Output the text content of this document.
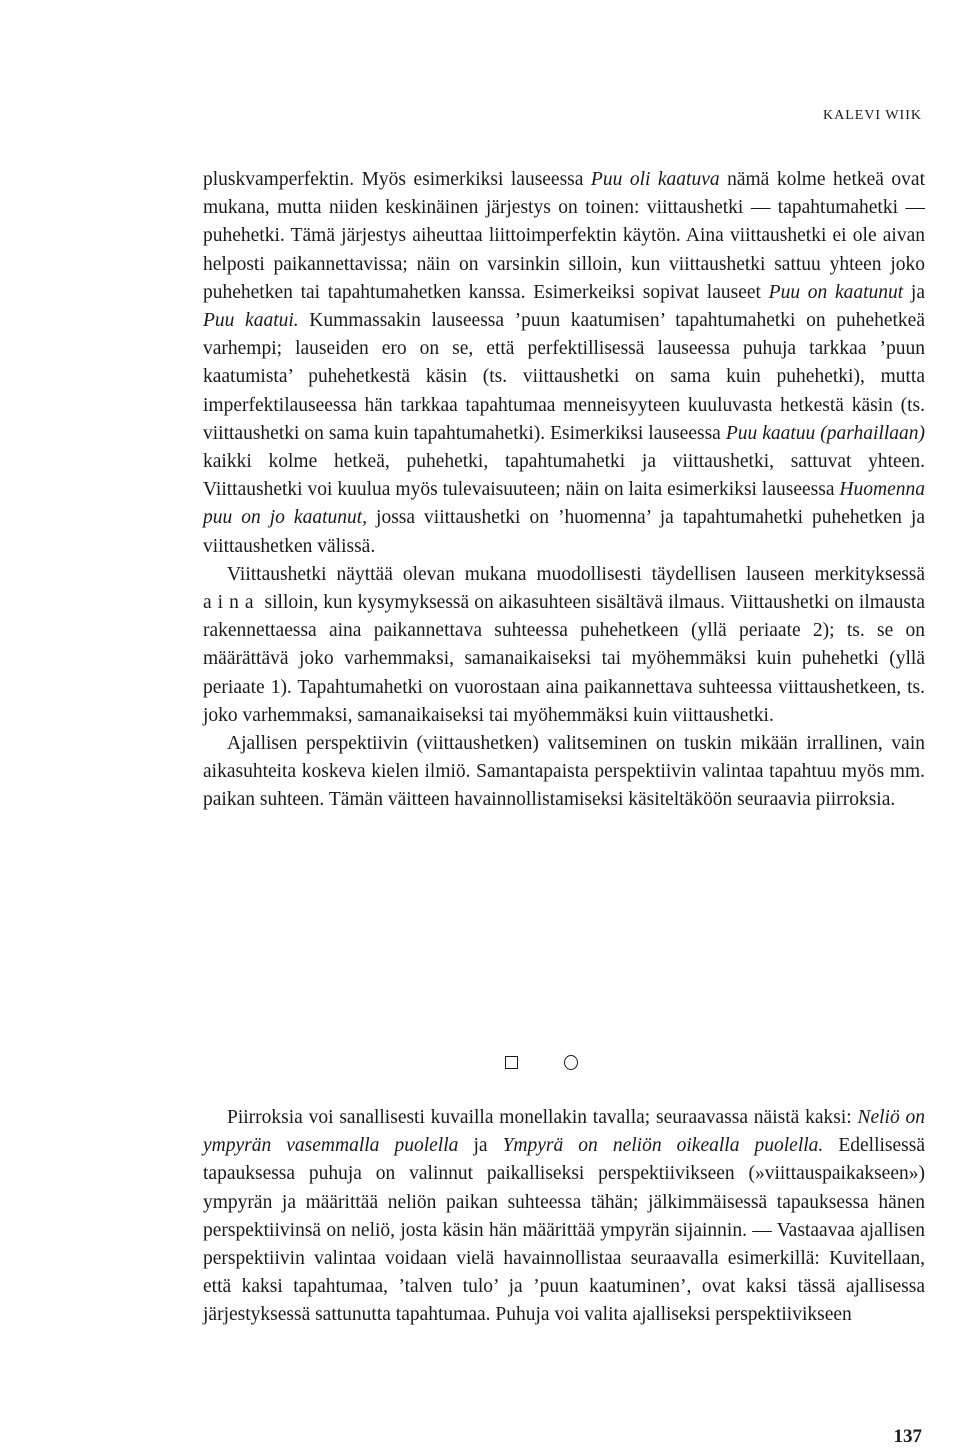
KALEVI WIIK

pluskvamperfektin. Myös esimerkiksi lauseessa Puu oli kaatuva nämä kolme hetkeä ovat mukana, mutta niiden keskinäinen järjestys on toinen: viittaushetki — tapahtumahetki — puhehetki. Tämä järjestys aiheuttaa liittoimperfektin käytön. Aina viittaushetki ei ole aivan helposti paikannettavissa; näin on varsinkin silloin, kun viittaushetki sattuu yhteen joko puhehetken tai tapahtumahetken kanssa. Esimerkeiksi sopivat lauseet Puu on kaatunut ja Puu kaatui. Kummassakin lauseessa ’puun kaatumisen’ tapahtumahetki on puhehetkeä varhempi; lauseiden ero on se, että perfektillisessä lauseessa puhuja tarkkaa ’puun kaatumista’ puhehetkestä käsin (ts. viittaushetki on sama kuin puhehetki), mutta imperfektilauseessa hän tarkkaa tapahtumaa menneisyyteen kuuluvasta hetkestä käsin (ts. viittaushetki on sama kuin tapahtumahetki). Esimerkiksi lauseessa Puu kaatuu (parhaillaan) kaikki kolme hetkeä, puhehetki, tapahtumahetki ja viittaushetki, sattuvat yhteen. Viittaushetki voi kuulua myös tulevaisuuteen; näin on laita esimerkiksi lauseessa Huomenna puu on jo kaatunut, jossa viittaushetki on ’huomenna’ ja tapahtumahetki puhehetken ja viittaushetken välissä.

Viittaushetki näyttää olevan mukana muodollisesti täydellisen lauseen merkityksessä aina silloin, kun kysymyksessä on aikasuhteen sisältävä ilmaus. Viittaushetki on ilmausta rakennettaessa aina paikannettava suhteessa puhehetkeen (yllä periaate 2); ts. se on määrättävä joko varhemmaksi, samanaikaiseksi tai myöhemmäksi kuin puhehetki (yllä periaate 1). Tapahtumahetki on vuorostaan aina paikannettava suhteessa viittaushetkeen, ts. joko varhemmaksi, samanaikaiseksi tai myöhemmäksi kuin viittaushetki.

Ajallisen perspektiivin (viittaushetken) valitseminen on tuskin mikään irrallinen, vain aikasuhteita koskeva kielen ilmiö. Samantapaista perspektiivin valintaa tapahtuu myös mm. paikan suhteen. Tämän väitteen havainnollistamiseksi käsiteltäköön seuraavia piirroksia.

Piirroksia voi sanallisesti kuvailla monellakin tavalla; seuraavassa näistä kaksi: Neliö on ympyrän vasemmalla puolella ja Ympyrä on neliön oikealla puolella. Edellisessä tapauksessa puhuja on valinnut paikalliseksi perspektiivikseen (»viittauspaikakseen») ympyrän ja määrittää neliön paikan suhteessa tähän; jälkimmäisessä tapauksessa hänen perspektiivinsä on neliö, josta käsin hän määrittää ympyrän sijainnin. — Vastaavaa ajallisen perspektiivin valintaa voidaan vielä havainnollistaa seuraavalla esimerkillä: Kuvitellaan, että kaksi tapahtumaa, ’talven tulo’ ja ’puun kaatuminen’, ovat kaksi tässä ajallisessa järjestyksessä sattunutta tapahtumaa. Puhuja voi valita ajalliseksi perspektiivikseen

137
